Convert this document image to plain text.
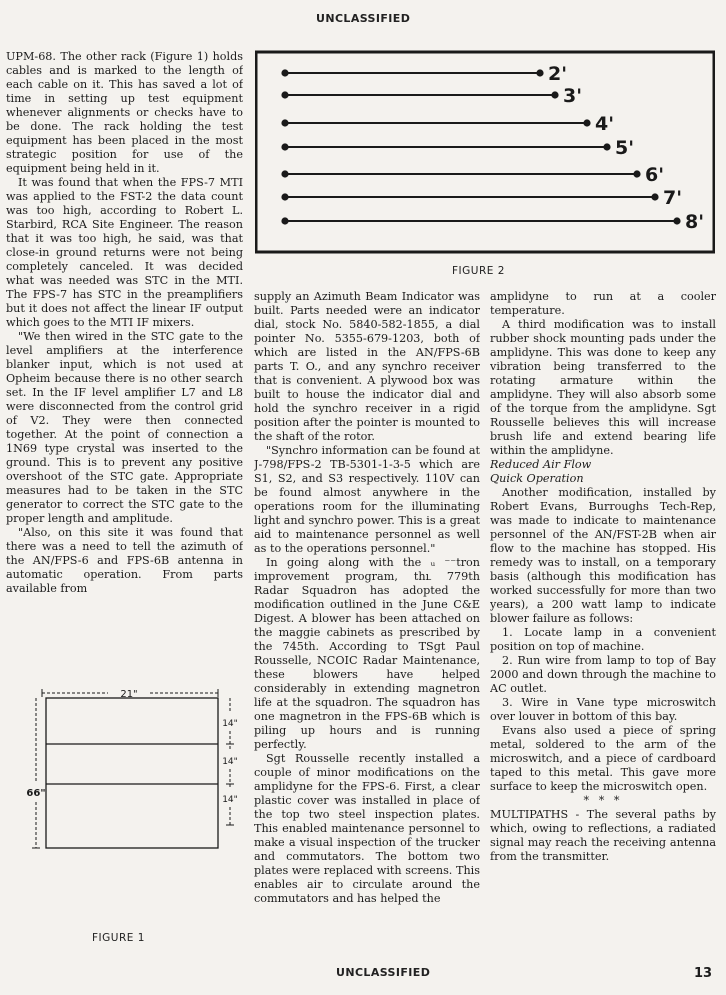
UNCLASSIFIED

UPM-68. The other rack (Figure 1) holds cables and is marked to the length of each cable on it. This has saved a lot of time in setting up test equipment whenever alignments or checks have to be done. The rack holding the test equipment has been placed in the most strategic position for use of the equipment being held in it.

It was found that when the FPS-7 MTI was applied to the FST-2 the data count was too high, according to Robert L. Starbird, RCA Site Engineer. The reason that it was too high, he said, was that close-in ground returns were not being completely canceled. It was decided what was needed was STC in the MTI. The FPS-7 has STC in the preamplifiers but it does not affect the linear IF output which goes to the MTI IF mixers.

"We then wired in the STC gate to the level amplifiers at the interference blanker input, which is not used at Opheim because there is no other search set. In the IF level amplifier L7 and L8 were disconnected from the control grid of V2. They were then connected together. At the point of connection a 1N69 type crystal was inserted to the ground. This is to prevent any positive overshoot of the STC gate. Appropriate measures had to be taken in the STC generator to correct the STC gate to the proper length and amplitude.

"Also, on this site it was found that there was a need to tell the azimuth of the AN/FPS-6 and FPS-6B antenna in automatic operation. From parts available from

2'
3'
4'
5'
6'
7'
8'
FIGURE 2

supply an Azimuth Beam Indicator was built. Parts needed were an indicator dial, stock No. 5840-582-1855, a dial pointer No. 5355-679-1203, both of which are listed in the AN/FPS-6B parts T. O., and any synchro receiver that is convenient. A plywood box was built to house the indicator dial and hold the synchro receiver in a rigid position after the pointer is mounted to the shaft of the rotor.

"Synchro information can be found at J-798/FPS-2 TB-5301-1-3-5 which are S1, S2, and S3 respectively. 110V can be found almost anywhere in the operations room for the illuminating light and synchro power. This is a great aid to maintenance personnel as well as to the operations personnel."

In going along with the ᵤ ⁻⁻tron improvement program, thւ 779th Radar Squadron has adopted the modification outlined in the June C&E Digest. A blower has been attached on the maggie cabinets as prescribed by the 745th. According to TSgt Paul Rousselle, NCOIC Radar Maintenance, these blowers have helped considerably in extending magnetron life at the squadron. The squadron has one magnetron in the FPS-6B which is piling up hours and is running perfectly.

Sgt Rousselle recently installed a couple of minor modifications on the amplidyne for the FPS-6. First, a clear plastic cover was installed in place of the top two steel inspection plates. This enabled maintenance personnel to make a visual inspection of the trucker and commutators. The bottom two plates were replaced with screens. This enables air to circulate around the commutators and has helped the

amplidyne to run at a cooler temperature.

A third modification was to install rubber shock mounting pads under the amplidyne. This was done to keep any vibration being transferred to the rotating armature within the amplidyne. They will also absorb some of the torque from the amplidyne. Sgt Rousselle believes this will increase brush life and extend bearing life within the amplidyne.

Reduced Air Flow

Quick Operation

Another modification, installed by Robert Evans, Burroughs Tech-Rep, was made to indicate to maintenance personnel of the AN/FST-2B when air flow to the machine has stopped. His remedy was to install, on a temporary basis (although this modification has worked successfully for more than two years), a 200 watt lamp to indicate blower failure as follows:

1. Locate lamp in a convenient position on top of machine.

2. Run wire from lamp to top of Bay 2000 and down through the machine to AC outlet.

3. Wire in Vane type microswitch over louver in bottom of this bay.

Evans also used a piece of spring metal, soldered to the arm of the microswitch, and a piece of cardboard taped to this metal. This gave more surface to keep the microswitch open.

* * *

MULTIPATHS - The several paths by which, owing to reflections, a radiated signal may reach the receiving antenna from the transmitter.

21"
66"
14"
14"
14"
FIGURE 1
UNCLASSIFIED	13
